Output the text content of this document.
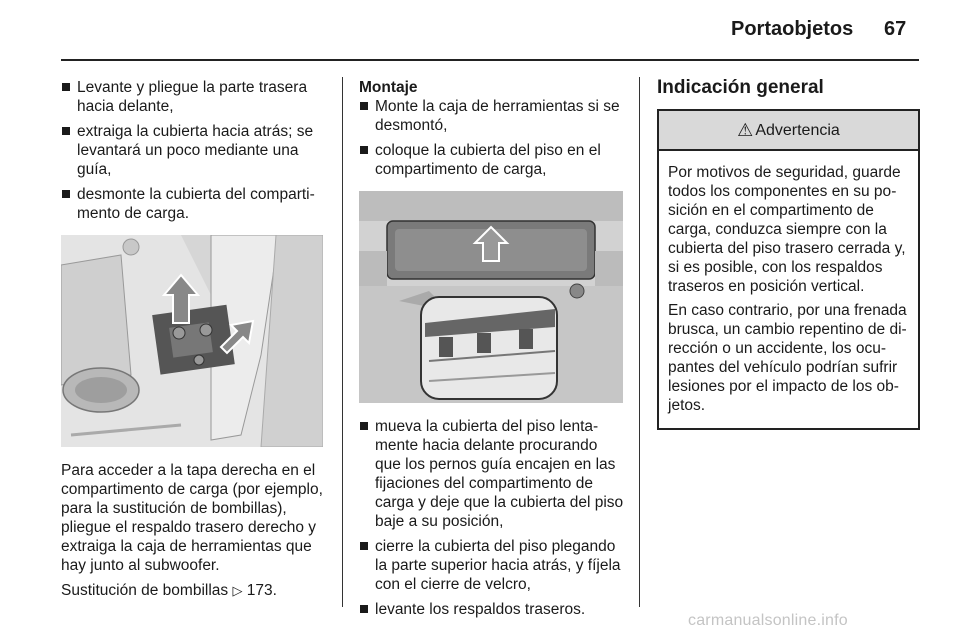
Portaobjetos 67
Levante y pliegue la parte trasera hacia delante,
extraiga la cubierta hacia atrás; se levantará un poco mediante una guía,
desmonte la cubierta del compartimento de carga.

Para acceder a la tapa derecha en el compartimento de carga (por ejemplo, para la sustitución de bombillas), pliegue el respaldo trasero derecho y extraiga la caja de herramientas que hay junto al subwoofer.

Sustitución de bombillas ▷ 173.

Montaje
Monte la caja de herramientas si se desmontó,
coloque la cubierta del piso en el compartimento de carga,
mueva la cubierta del piso lentamente hacia delante procurando que los pernos guía encajen en las fijaciones del compartimento de carga y deje que la cubierta del piso baje a su posición,
cierre la cubierta del piso plegando la parte superior hacia atrás, y fíjela con el cierre de velcro,
levante los respaldos traseros.
Indicación general
⚠ Advertencia

Por motivos de seguridad, guarde todos los componentes en su posición en el compartimento de carga, conduzca siempre con la cubierta del piso trasero cerrada y, si es posible, con los respaldos traseros en posición vertical.

En caso contrario, por una frenada brusca, un cambio repentino de dirección o un accidente, los ocupantes del vehículo podrían sufrir lesiones por el impacto de los objetos.

carmanualsonline.info
